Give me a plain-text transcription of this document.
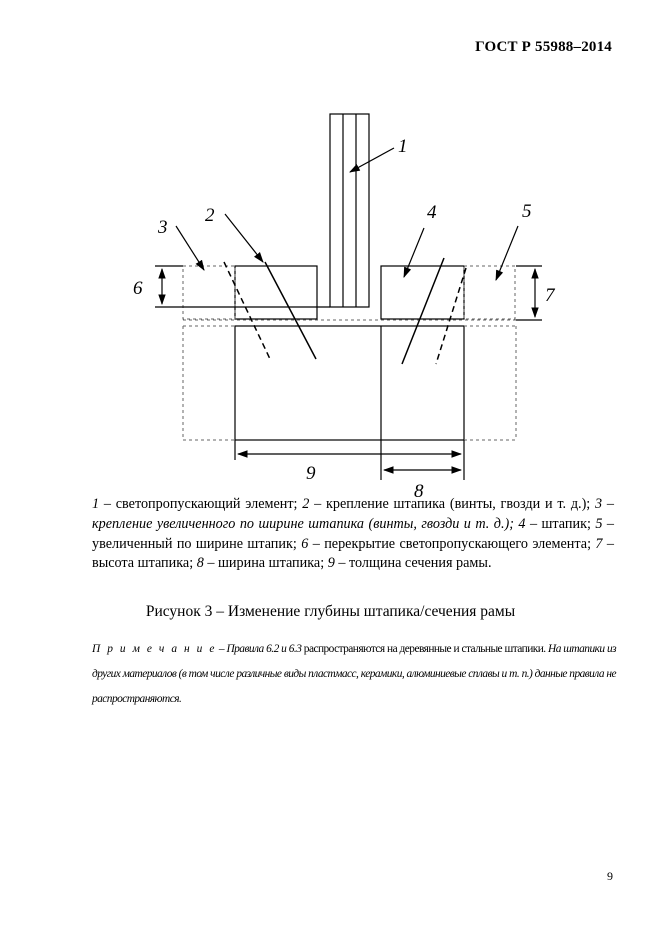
ГОСТ Р 55988–2014
1
2
3
4	5
6	7
8
9
1 – светопропускающий элемент; 2 – крепление штапика (винты, гвозди и т. д.); 3 – крепление увеличенного по ширине штапика (винты, гвозди и т. д.); 4 – штапик; 5 – увеличенный по ширине штапик; 6 – перекрытие светопропускающего элемента; 7 – высота штапика; 8 – ширина штапика; 9 – толщина сечения рамы.
Рисунок 3 – Изменение глубины штапика/сечения рамы
П р и м е ч а н и е – Правила 6.2 и 6.3 распространяются на деревянные и стальные штапики. На штапики из других материалов (в том числе различные виды пластмасс, керамики, алюминиевые сплавы и т. п.) данные правила не распространяются.
9
